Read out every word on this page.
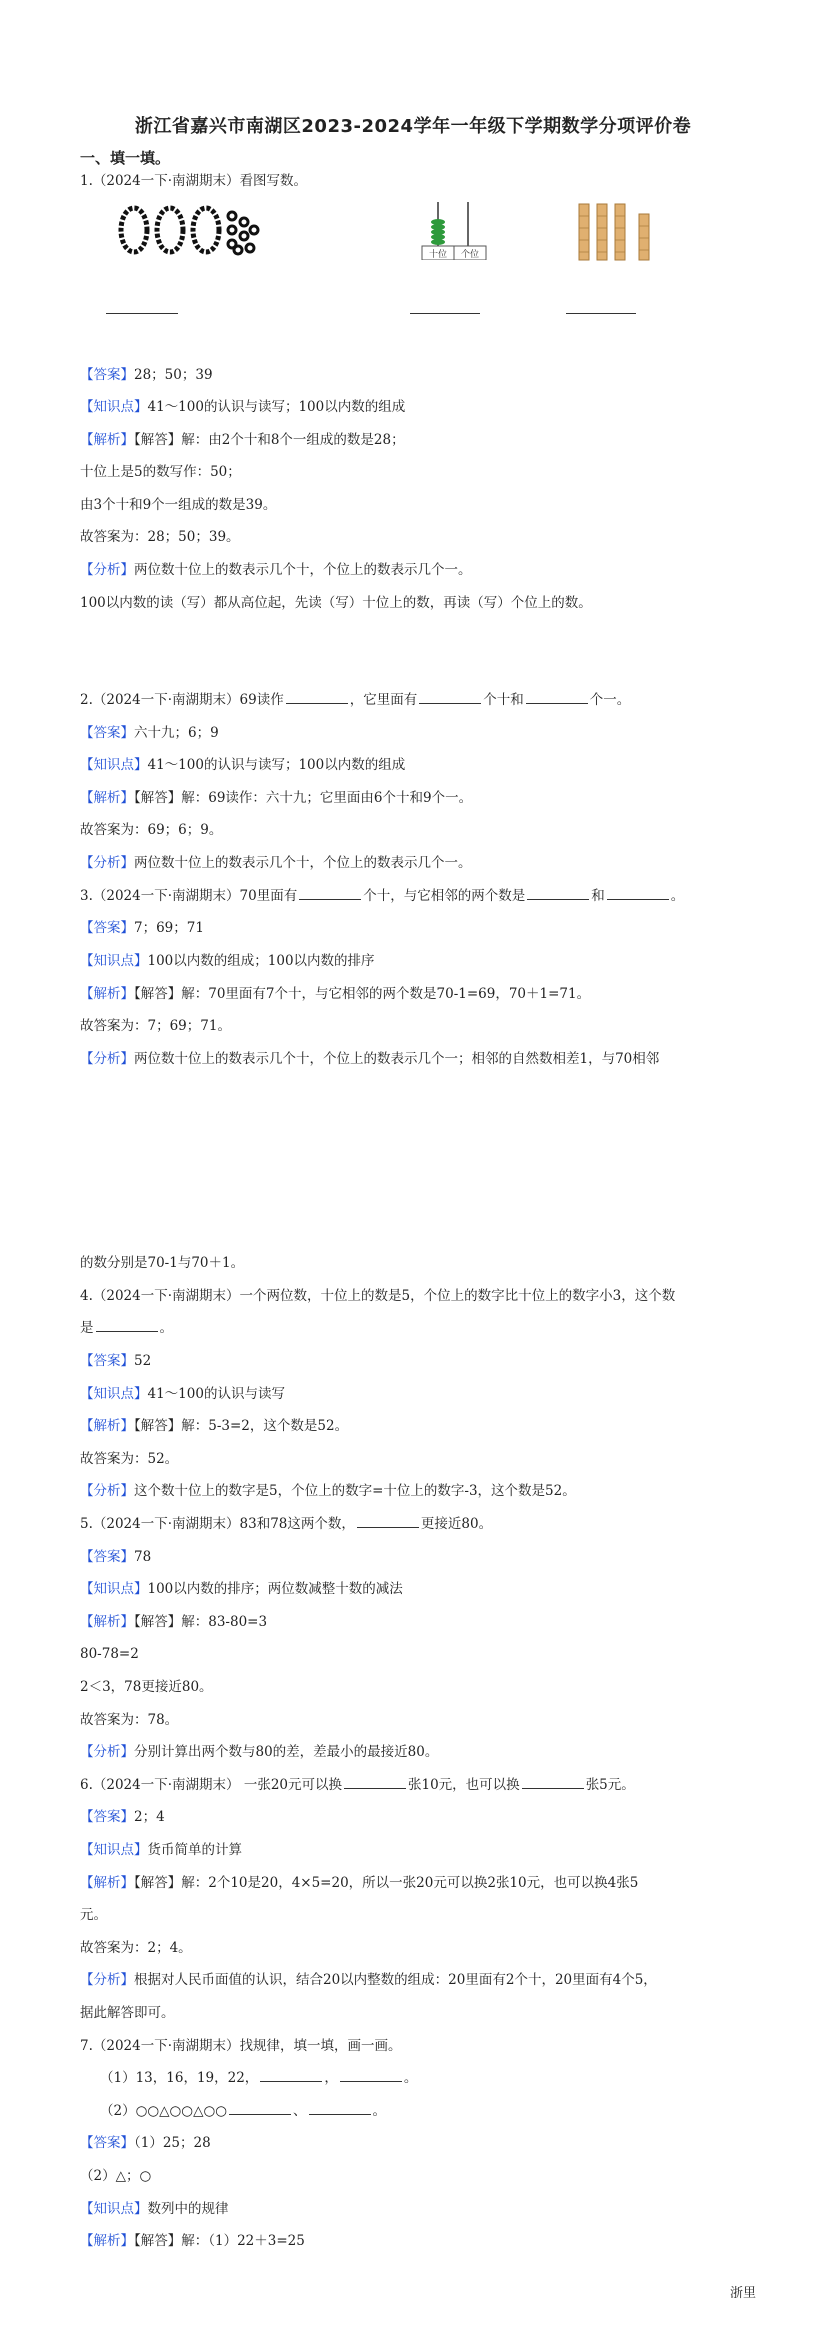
浙江省嘉兴市南湖区2023-2024学年一年级下学期数学分项评价卷
一、填一填。
1.（2024一下·南湖期末）看图写数。
十位 个位
【答案】28；50；39
【知识点】41～100的认识与读写；100以内数的组成
【解析】【解答】解：由2个十和8个一组成的数是28；
十位上是5的数写作：50；
由3个十和9个一组成的数是39。
故答案为：28；50；39。
【分析】两位数十位上的数表示几个十，个位上的数表示几个一。
100以内数的读（写）都从高位起，先读（写）十位上的数，再读（写）个位上的数。
2.（2024一下·南湖期末）69读作	，它里面有	个十和	个一。
【答案】六十九；6；9
【知识点】41～100的认识与读写；100以内数的组成
【解析】【解答】解：69读作：六十九；它里面由6个十和9个一。
故答案为：69；6；9。
【分析】两位数十位上的数表示几个十，个位上的数表示几个一。
3.（2024一下·南湖期末）70里面有	个十，与它相邻的两个数是	和	。
【答案】7；69；71
【知识点】100以内数的组成；100以内数的排序
【解析】【解答】解：70里面有7个十，与它相邻的两个数是70-1=69，70＋1=71。
故答案为：7；69；71。
【分析】两位数十位上的数表示几个十，个位上的数表示几个一；相邻的自然数相差1，与70相邻
的数分别是70-1与70＋1。
4.（2024一下·南湖期末）一个两位数，十位上的数是5，个位上的数字比十位上的数字小3，这个数
是	。
【答案】52
【知识点】41～100的认识与读写
【解析】【解答】解：5-3=2，这个数是52。
故答案为：52。
【分析】这个数十位上的数字是5，个位上的数字=十位上的数字-3，这个数是52。
5.（2024一下·南湖期末）83和78这两个数，	更接近80。
【答案】78
【知识点】100以内数的排序；两位数减整十数的减法
【解析】【解答】解：83-80=3
80-78=2
2＜3，78更接近80。
故答案为：78。
【分析】分别计算出两个数与80的差，差最小的最接近80。
6.（2024一下·南湖期末） 一张20元可以换	张10元，也可以换	张5元。
【答案】2；4
【知识点】货币简单的计算
【解析】【解答】解：2个10是20，4×5=20，所以一张20元可以换2张10元，也可以换4张5
元。
故答案为：2；4。
【分析】根据对人民币面值的认识，结合20以内整数的组成：20里面有2个十，20里面有4个5，
据此解答即可。
7.（2024一下·南湖期末）找规律，填一填，画一画。
（1）13，16，19，22，	，	。
（2）○○△○○△○○	、	。
【答案】（1）25；28
（2）△；○
【知识点】数列中的规律
【解析】【解答】解：（1）22＋3=25
浙里
